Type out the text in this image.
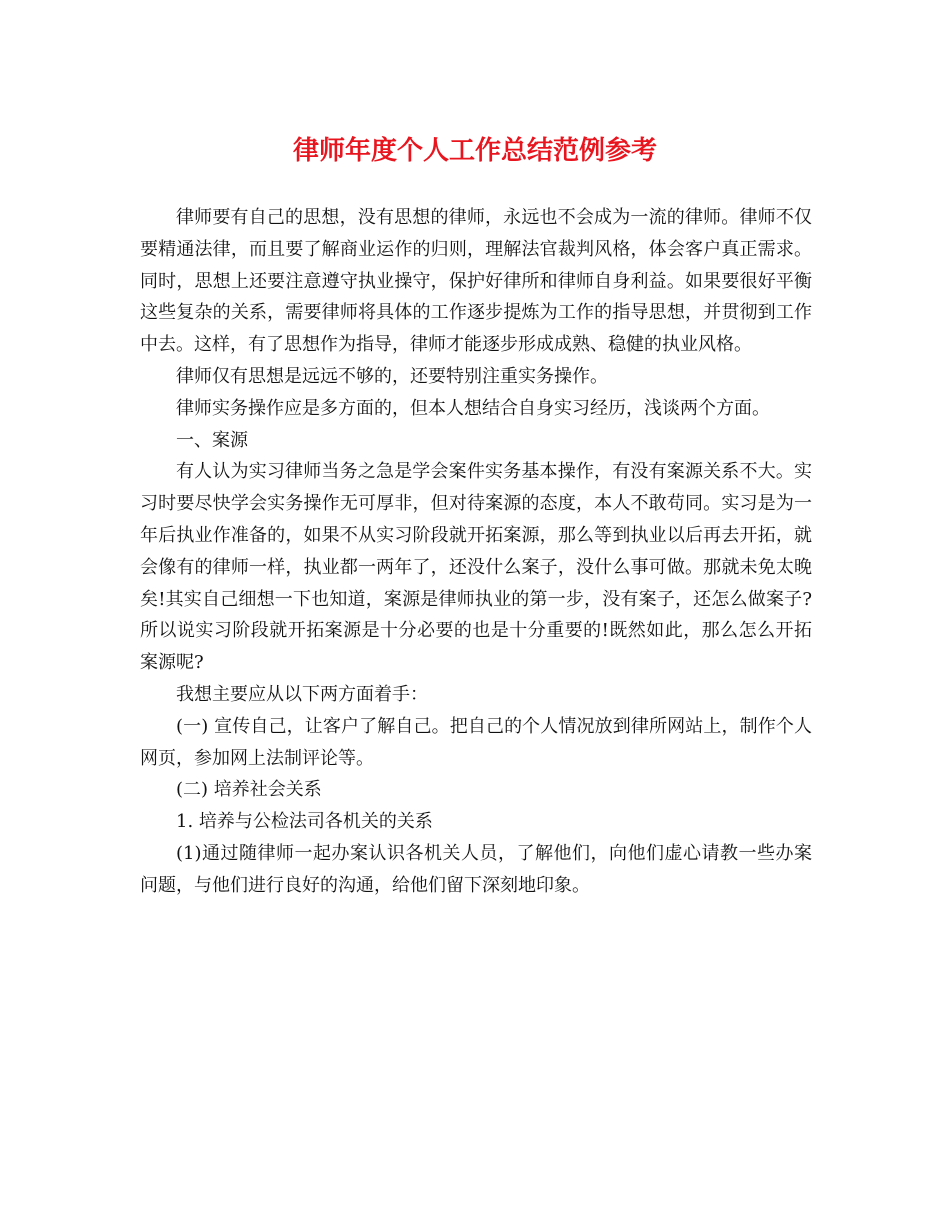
律师年度个人工作总结范例参考

律师要有自己的思想，没有思想的律师，永远也不会成为一流的律师。律师不仅要精通法律，而且要了解商业运作的归则，理解法官裁判风格，体会客户真正需求。同时，思想上还要注意遵守执业操守，保护好律所和律师自身利益。如果要很好平衡这些复杂的关系，需要律师将具体的工作逐步提炼为工作的指导思想，并贯彻到工作中去。这样，有了思想作为指导，律师才能逐步形成成熟、稳健的执业风格。

律师仅有思想是远远不够的，还要特别注重实务操作。

律师实务操作应是多方面的，但本人想结合自身实习经历，浅谈两个方面。

一、案源

有人认为实习律师当务之急是学会案件实务基本操作，有没有案源关系不大。实习时要尽快学会实务操作无可厚非，但对待案源的态度，本人不敢苟同。实习是为一年后执业作准备的，如果不从实习阶段就开拓案源，那么等到执业以后再去开拓，就会像有的律师一样，执业都一两年了，还没什么案子，没什么事可做。那就未免太晚矣!其实自己细想一下也知道，案源是律师执业的第一步，没有案子，还怎么做案子?所以说实习阶段就开拓案源是十分必要的也是十分重要的!既然如此，那么怎么开拓案源呢?

我想主要应从以下两方面着手：

(一) 宣传自己，让客户了解自己。把自己的个人情况放到律所网站上，制作个人网页，参加网上法制评论等。

(二) 培养社会关系

1. 培养与公检法司各机关的关系

(1)通过随律师一起办案认识各机关人员，了解他们，向他们虚心请教一些办案问题，与他们进行良好的沟通，给他们留下深刻地印象。
